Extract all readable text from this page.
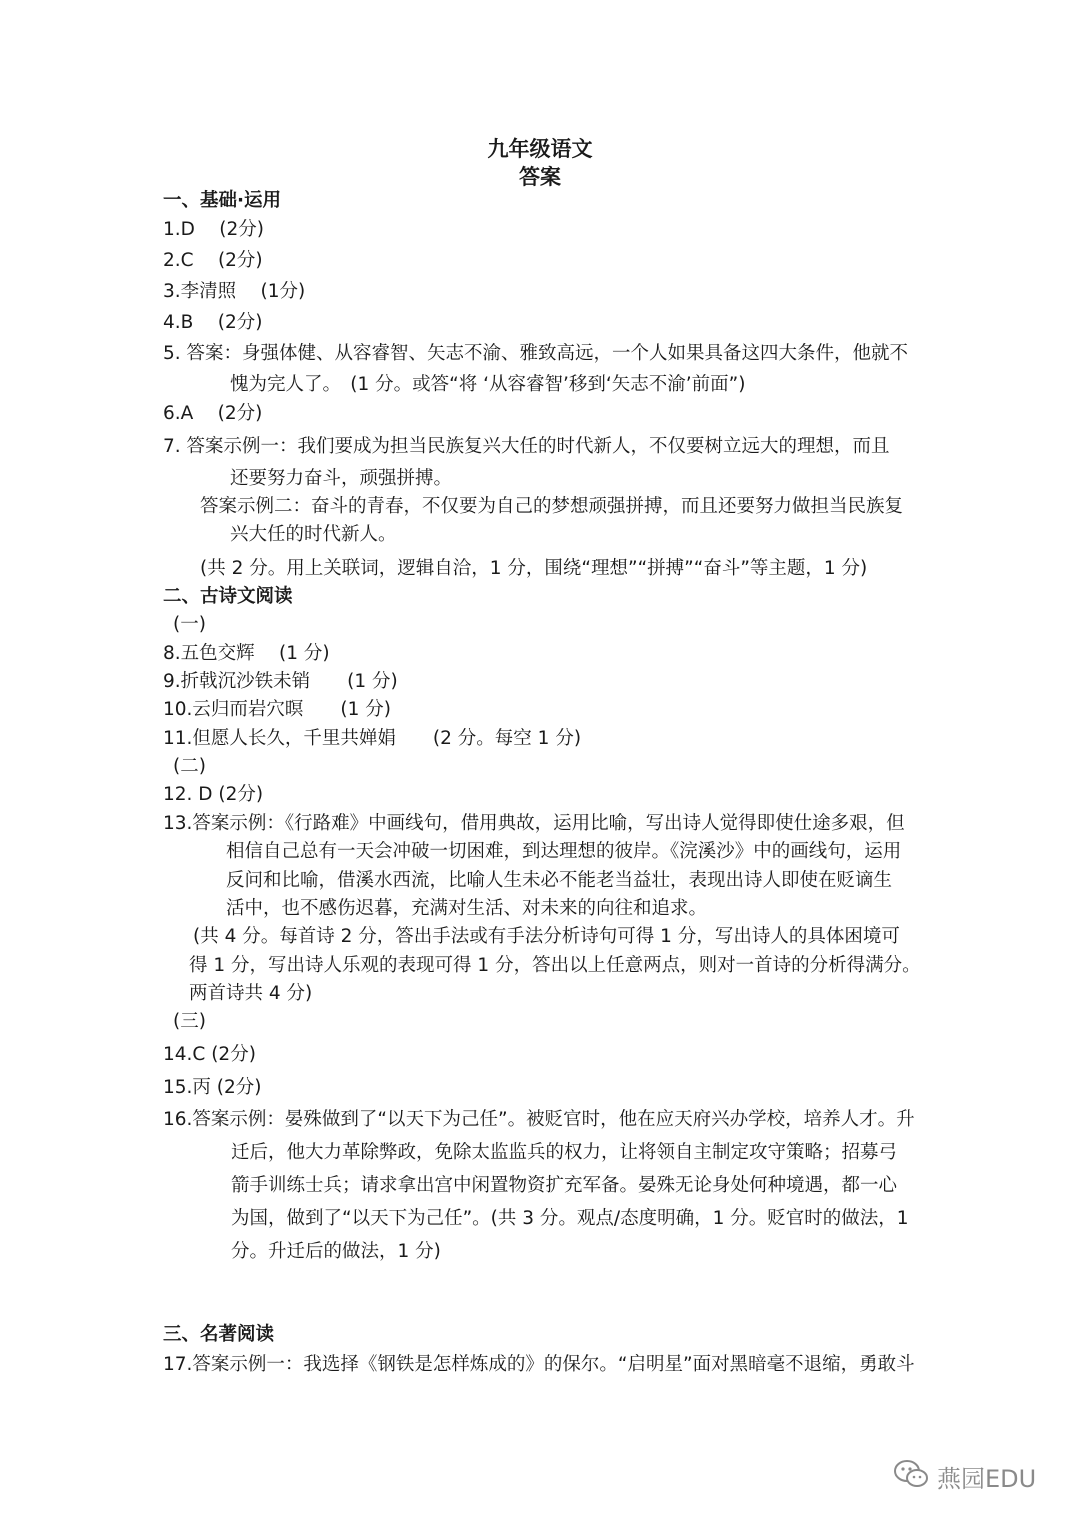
九年级语文
答案
一、基础·运用
1.D　 (2分)
2.C　 (2分)
3.李清照　 (1分)
4.B　 (2分)
5. 答案：身强体健、从容睿智、矢志不渝、雅致高远，一个人如果具备这四大条件，他就不
愧为完人了。　(1 分。或答“将 ‘从容睿智’移到‘矢志不渝’前面”)
6.A　 (2分)
7. 答案示例一：我们要成为担当民族复兴大任的时代新人，不仅要树立远大的理想，而且
还要努力奋斗，顽强拼搏。
答案示例二：奋斗的青春，不仅要为自己的梦想顽强拼搏，而且还要努力做担当民族复
兴大任的时代新人。
(共 2 分。用上关联词，逻辑自洽，1 分，围绕“理想”“拼搏”“奋斗”等主题，1 分)
二、古诗文阅读
(一)
8.五色交辉　 (1 分)
9.折戟沉沙铁未销　　(1 分)
10.云归而岩穴暝　　(1 分)
11.但愿人长久，千里共婵娟　　(2 分。每空 1 分)
(二)
12. D (2分)
13.答案示例：《行路难》中画线句，借用典故，运用比喻，写出诗人觉得即使仕途多艰，但
相信自己总有一天会冲破一切困难，到达理想的彼岸。《浣溪沙》中的画线句，运用
反问和比喻，借溪水西流，比喻人生未必不能老当益壮，表现出诗人即使在贬谪生
活中，也不感伤迟暮，充满对生活、对未来的向往和追求。
(共 4 分。每首诗 2 分，答出手法或有手法分析诗句可得 1 分，写出诗人的具体困境可
得 1 分，写出诗人乐观的表现可得 1 分，答出以上任意两点，则对一首诗的分析得满分。
两首诗共 4 分)
(三)
14.C (2分)
15.丙 (2分)
16.答案示例：晏殊做到了“以天下为己任”。被贬官时，他在应天府兴办学校，培养人才。升
迁后，他大力革除弊政，免除太监监兵的权力，让将领自主制定攻守策略；招募弓
箭手训练士兵；请求拿出宫中闲置物资扩充军备。晏殊无论身处何种境遇，都一心
为国，做到了“以天下为己任”。(共 3 分。观点/态度明确，1 分。贬官时的做法，1
分。升迁后的做法，1 分)
三、名著阅读
17.答案示例一：我选择《钢铁是怎样炼成的》的保尔。“启明星”面对黑暗毫不退缩，勇敢斗
燕园EDU
